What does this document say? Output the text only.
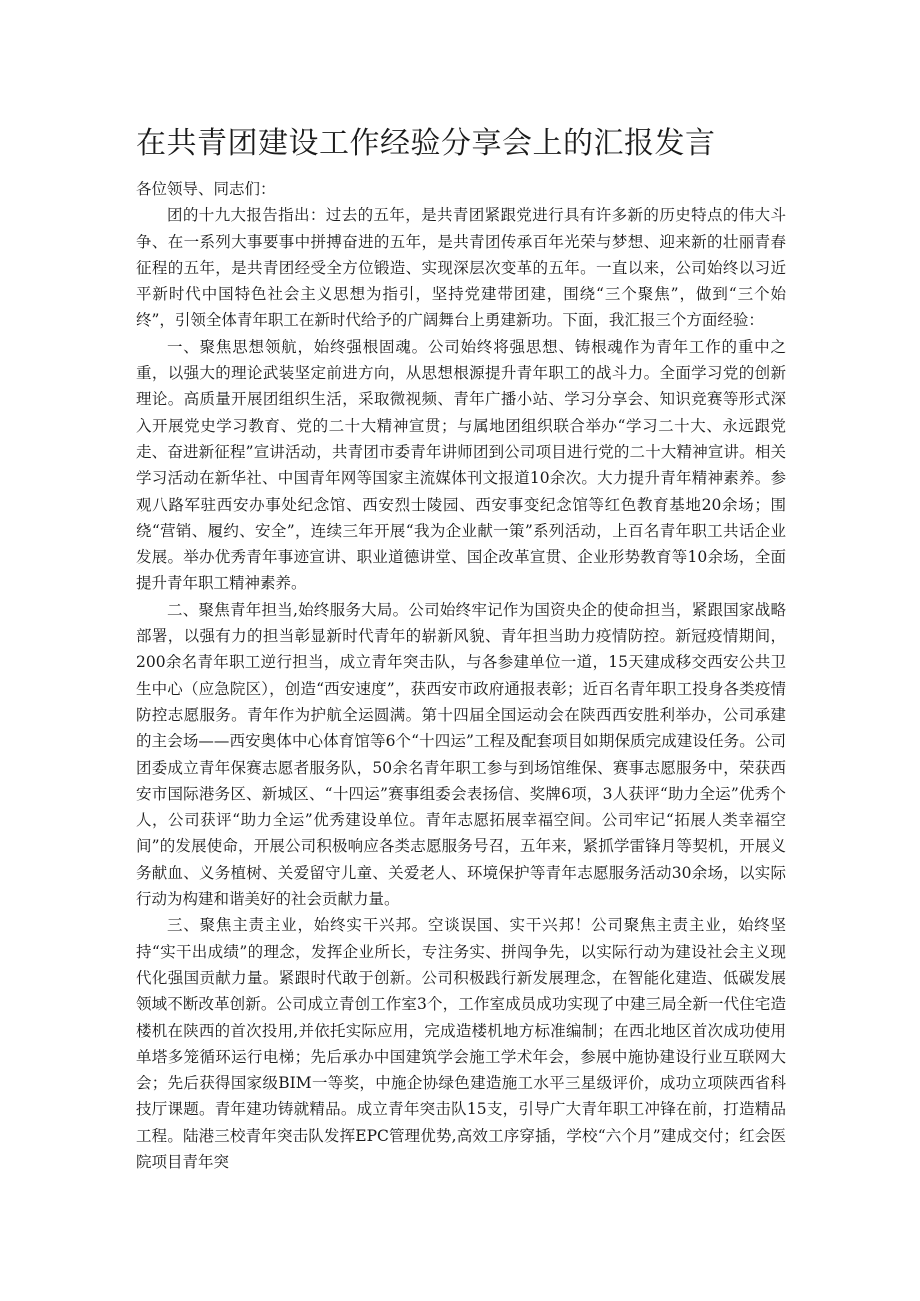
在共青团建设工作经验分享会上的汇报发言

各位领导、同志们：

团的十九大报告指出：过去的五年，是共青团紧跟党进行具有许多新的历史特点的伟大斗争、在一系列大事要事中拼搏奋进的五年，是共青团传承百年光荣与梦想、迎来新的壮丽青春征程的五年，是共青团经受全方位锻造、实现深层次变革的五年。一直以来，公司始终以习近平新时代中国特色社会主义思想为指引，坚持党建带团建，围绕“三个聚焦”，做到“三个始终”，引领全体青年职工在新时代给予的广阔舞台上勇建新功。下面，我汇报三个方面经验：

一、聚焦思想领航，始终强根固魂。公司始终将强思想、铸根魂作为青年工作的重中之重，以强大的理论武装坚定前进方向，从思想根源提升青年职工的战斗力。全面学习党的创新理论。高质量开展团组织生活，采取微视频、青年广播小站、学习分享会、知识竞赛等形式深入开展党史学习教育、党的二十大精神宣贯；与属地团组织联合举办“学习二十大、永远跟党走、奋进新征程”宣讲活动，共青团市委青年讲师团到公司项目进行党的二十大精神宣讲。相关学习活动在新华社、中国青年网等国家主流媒体刊文报道10余次。大力提升青年精神素养。参观八路军驻西安办事处纪念馆、西安烈士陵园、西安事变纪念馆等红色教育基地20余场；围绕“营销、履约、安全”，连续三年开展“我为企业献一策”系列活动，上百名青年职工共话企业发展。举办优秀青年事迹宣讲、职业道德讲堂、国企改革宣贯、企业形势教育等10余场，全面提升青年职工精神素养。

二、聚焦青年担当,始终服务大局。公司始终牢记作为国资央企的使命担当，紧跟国家战略部署，以强有力的担当彰显新时代青年的崭新风貌、青年担当助力疫情防控。新冠疫情期间，200余名青年职工逆行担当，成立青年突击队，与各参建单位一道，15天建成移交西安公共卫生中心（应急院区），创造“西安速度”，获西安市政府通报表彰；近百名青年职工投身各类疫情防控志愿服务。青年作为护航全运圆满。第十四届全国运动会在陕西西安胜利举办，公司承建的主会场——西安奥体中心体育馆等6个“十四运”工程及配套项目如期保质完成建设任务。公司团委成立青年保赛志愿者服务队，50余名青年职工参与到场馆维保、赛事志愿服务中，荣获西安市国际港务区、新城区、“十四运”赛事组委会表扬信、奖牌6项，3人获评“助力全运”优秀个人，公司获评“助力全运”优秀建设单位。青年志愿拓展幸福空间。公司牢记“拓展人类幸福空间”的发展使命，开展公司积极响应各类志愿服务号召，五年来，紧抓学雷锋月等契机，开展义务献血、义务植树、关爱留守儿童、关爱老人、环境保护等青年志愿服务活动30余场，以实际行动为构建和谐美好的社会贡献力量。

三、聚焦主责主业，始终实干兴邦。空谈误国、实干兴邦！公司聚焦主责主业，始终坚持“实干出成绩”的理念，发挥企业所长，专注务实、拼闯争先，以实际行动为建设社会主义现代化强国贡献力量。紧跟时代敢于创新。公司积极践行新发展理念，在智能化建造、低碳发展领域不断改革创新。公司成立青创工作室3个，工作室成员成功实现了中建三局全新一代住宅造楼机在陕西的首次投用,并依托实际应用，完成造楼机地方标准编制；在西北地区首次成功使用单塔多笼循环运行电梯；先后承办中国建筑学会施工学术年会，参展中施协建设行业互联网大会；先后获得国家级BIM一等奖，中施企协绿色建造施工水平三星级评价，成功立项陕西省科技厅课题。青年建功铸就精品。成立青年突击队15支，引导广大青年职工冲锋在前，打造精品工程。陆港三校青年突击队发挥EPC管理优势,高效工序穿插，学校“六个月”建成交付；红会医院项目青年突
